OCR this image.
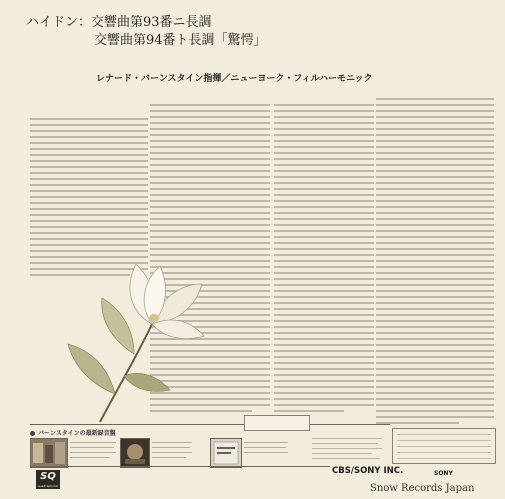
ハイドン：交響曲第93番ニ長調
交響曲第94番ト長調「驚愕」
レナード・バーンスタイン指揮／ニューヨーク・フィルハーモニック
バーンスタインの最新録音盤
SQ
quadraphonic
CBS/SONY INC.	SONY
Snow Records Japan
